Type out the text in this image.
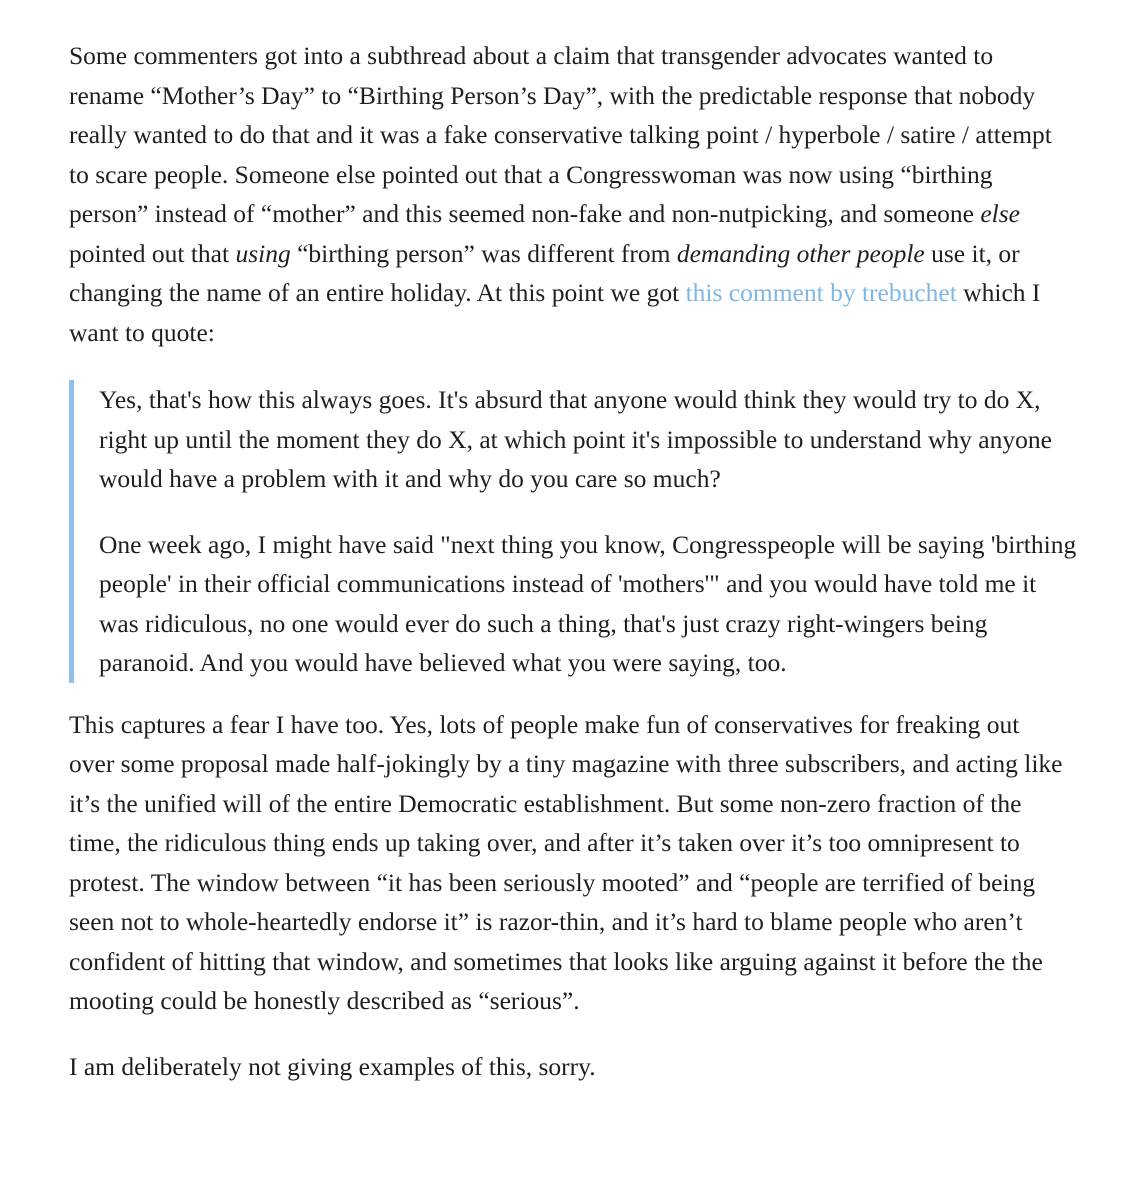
Some commenters got into a subthread about a claim that transgender advocates wanted to rename “Mother’s Day” to “Birthing Person’s Day”, with the predictable response that nobody really wanted to do that and it was a fake conservative talking point / hyperbole / satire / attempt to scare people. Someone else pointed out that a Congresswoman was now using “birthing person” instead of “mother” and this seemed non-fake and non-nutpicking, and someone else pointed out that using “birthing person” was different from demanding other people use it, or changing the name of an entire holiday. At this point we got this comment by trebuchet which I want to quote:

Yes, that's how this always goes. It's absurd that anyone would think they would try to do X, right up until the moment they do X, at which point it's impossible to understand why anyone would have a problem with it and why do you care so much?

One week ago, I might have said "next thing you know, Congresspeople will be saying 'birthing people' in their official communications instead of 'mothers'" and you would have told me it was ridiculous, no one would ever do such a thing, that's just crazy right-wingers being paranoid. And you would have believed what you were saying, too.

This captures a fear I have too. Yes, lots of people make fun of conservatives for freaking out over some proposal made half-jokingly by a tiny magazine with three subscribers, and acting like it’s the unified will of the entire Democratic establishment. But some non-zero fraction of the time, the ridiculous thing ends up taking over, and after it’s taken over it’s too omnipresent to protest. The window between “it has been seriously mooted” and “people are terrified of being seen not to whole-heartedly endorse it” is razor-thin, and it’s hard to blame people who aren’t confident of hitting that window, and sometimes that looks like arguing against it before the the mooting could be honestly described as “serious”.

I am deliberately not giving examples of this, sorry.
